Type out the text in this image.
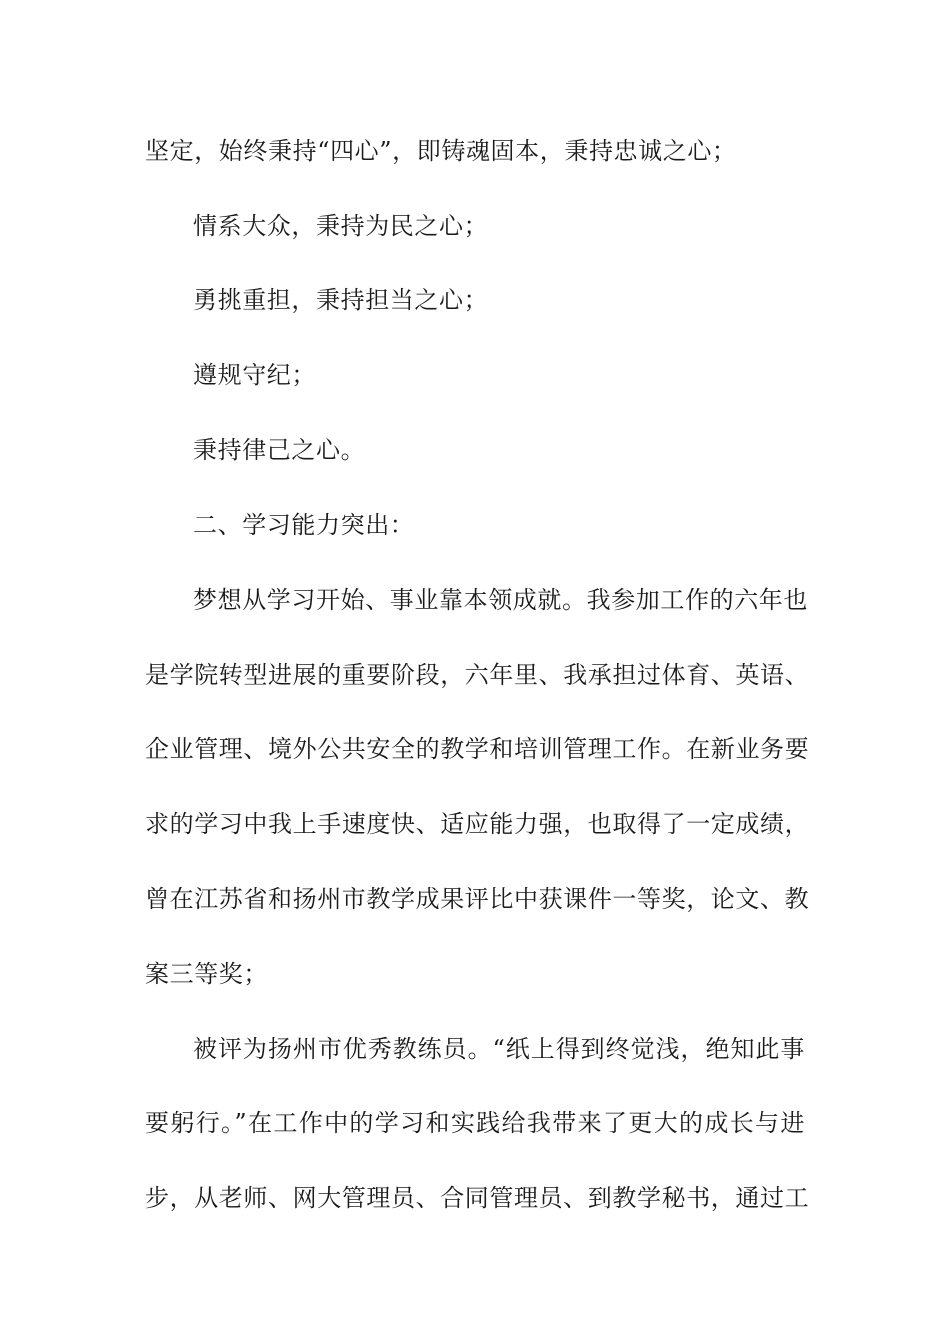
坚定，始终秉持“四心”，即铸魂固本，秉持忠诚之心；
情系大众，秉持为民之心；
勇挑重担，秉持担当之心；
遵规守纪；
秉持律己之心。
二、学习能力突出：
梦想从学习开始、事业靠本领成就。我参加工作的六年也
是学院转型进展的重要阶段，六年里、我承担过体育、英语、
企业管理、境外公共安全的教学和培训管理工作。在新业务要
求的学习中我上手速度快、适应能力强，也取得了一定成绩，
曾在江苏省和扬州市教学成果评比中获课件一等奖，论文、教
案三等奖；
被评为扬州市优秀教练员。“纸上得到终觉浅，绝知此事
要躬行。”在工作中的学习和实践给我带来了更大的成长与进
步，从老师、网大管理员、合同管理员、到教学秘书，通过工
